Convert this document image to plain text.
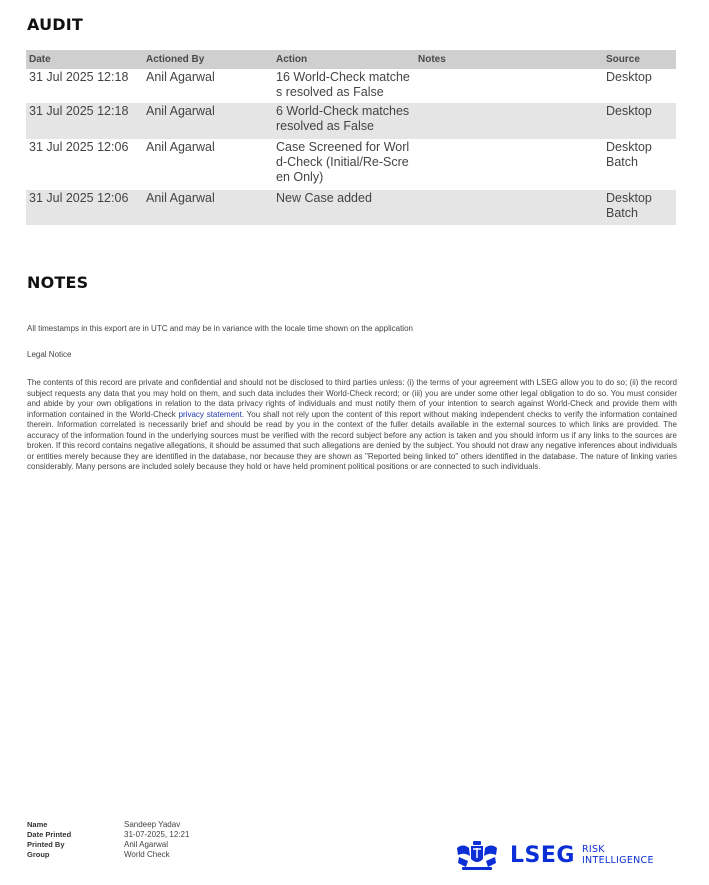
AUDIT
Date	Actioned By	Action	Notes	Source
31 Jul 2025 12:18	Anil Agarwal	16 World-Check matches resolved as False		Desktop
31 Jul 2025 12:18	Anil Agarwal	6 World-Check matches resolved as False		Desktop
31 Jul 2025 12:06	Anil Agarwal	Case Screened for World-Check (Initial/Re-Screen Only)		Desktop Batch
31 Jul 2025 12:06	Anil Agarwal	New Case added		Desktop Batch
NOTES
All timestamps in this export are in UTC and may be in variance with the locale time shown on the application
Legal Notice
The contents of this record are private and confidential and should not be disclosed to third parties unless: (i) the terms of your agreement with LSEG allow you to do so; (ii) the record subject requests any data that you may hold on them, and such data includes their World-Check record; or (iii) you are under some other legal obligation to do so. You must consider and abide by your own obligations in relation to the data privacy rights of individuals and must notify them of your intention to search against World-Check and provide them with information contained in the World-Check privacy statement. You shall not rely upon the content of this report without making independent checks to verify the information contained therein. Information correlated is necessarily brief and should be read by you in the context of the fuller details available in the external sources to which links are provided. The accuracy of the information found in the underlying sources must be verified with the record subject before any action is taken and you should inform us if any links to the sources are broken. If this record contains negative allegations, it should be assumed that such allegations are denied by the subject. You should not draw any negative inferences about individuals or entities merely because they are identified in the database, nor because they are shown as "Reported being linked to" others identified in the database. The nature of linking varies considerably. Many persons are included solely because they hold or have held prominent political positions or are connected to such individuals.
Name	Sandeep Yadav
Date Printed	31-07-2025, 12:21
Printed By	Anil Agarwal
Group	World Check	LSEG RISK
INTELLIGENCE
